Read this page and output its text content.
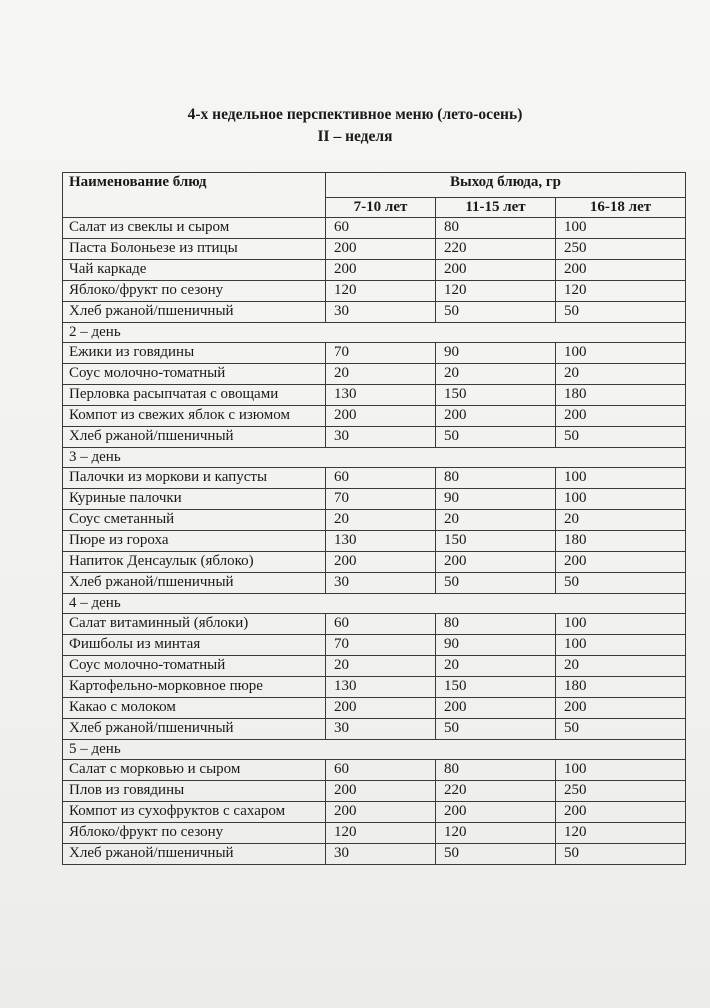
4-х недельное перспективное меню (лето-осень)
II – неделя
Наименование блюд	Выход блюда, гр		
	7-10 лет	11-15 лет	16-18 лет
Салат из свеклы и сыром	60	80	100
Паста Болоньезе из птицы	200	220	250
Чай каркаде	200	200	200
Яблоко/фрукт по сезону	120	120	120
Хлеб ржаной/пшеничный	30	50	50
2 – день			
Ежики из говядины	70	90	100
Соус молочно-томатный	20	20	20
Перловка расыпчатая с овощами	130	150	180
Компот из свежих яблок с изюмом	200	200	200
Хлеб ржаной/пшеничный	30	50	50
3 – день			
Палочки из моркови и капусты	60	80	100
Куриные палочки	70	90	100
Соус сметанный	20	20	20
Пюре из гороха	130	150	180
Напиток Денсаулык (яблоко)	200	200	200
Хлеб ржаной/пшеничный	30	50	50
4 – день			
Салат витаминный (яблоки)	60	80	100
Фишболы из минтая	70	90	100
Соус молочно-томатный	20	20	20
Картофельно-морковное пюре	130	150	180
Какао с молоком	200	200	200
Хлеб ржаной/пшеничный	30	50	50
5 – день			
Салат с морковью и сыром	60	80	100
Плов из говядины	200	220	250
Компот из сухофруктов с сахаром	200	200	200
Яблоко/фрукт по сезону	120	120	120
Хлеб ржаной/пшеничный	30	50	50
